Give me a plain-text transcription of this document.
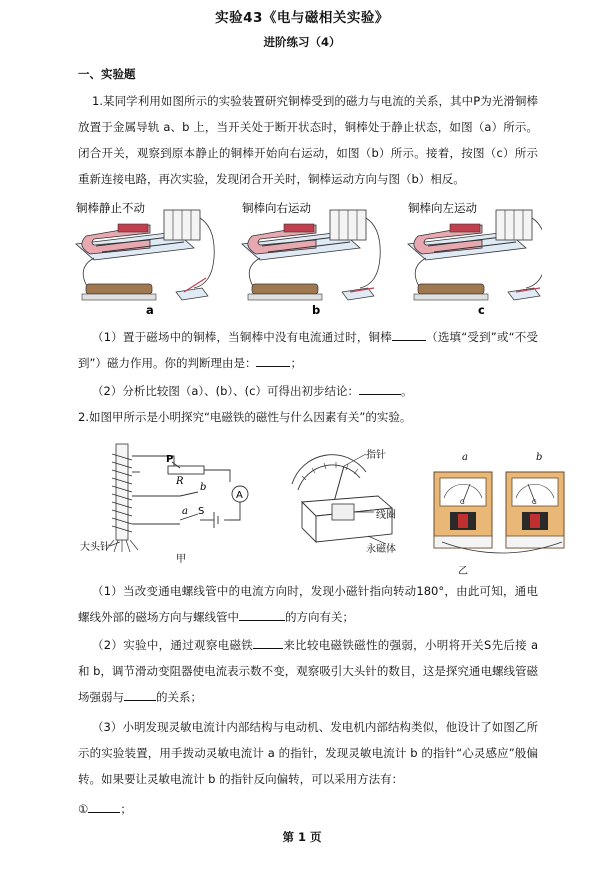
实验43《电与磁相关实验》
进阶练习（4）
一、实验题
1.某同学利用如图所示的实验装置研究铜棒受到的磁力与电流的关系，其中P为光滑铜棒放置于金属导轨 a、b 上，当开关处于断开状态时，铜棒处于静止状态，如图（a）所示。闭合开关，观察到原本静止的铜棒开始向右运动，如图（b）所示。接着，按图（c）所示重新连接电路，再次实验，发现闭合开关时，铜棒运动方向与图（b）相反。
铜棒静止不动
a
铜棒向右运动
b
铜棒向左运动
c
（1）置于磁场中的铜棒，当铜棒中没有电流通过时，铜棒	（选填“受到”或“不受到”）磁力作用。你的判断理由是：	；
（2）分析比较图（a）、(b）、(c）可得出初步结论：	。
2.如图甲所示是小明探究“电磁铁的磁性与什么因素有关”的实验。
大头针
P
R
b
a S
A
甲
指针
线圈
永磁体
G	G
a	b
乙
（1）当改变通电螺线管中的电流方向时，发现小磁针指向转动180°，由此可知，通电螺线外部的磁场方向与螺线管中	的方向有关；
（2）实验中，通过观察电磁铁	来比较电磁铁磁性的强弱，小明将开关S先后接 a 和 b，调节滑动变阻器使电流表示数不变，观察吸引大头针的数目，这是探究通电螺线管磁场强弱与	的关系；
（3）小明发现灵敏电流计内部结构与电动机、发电机内部结构类似，他设计了如图乙所示的实验装置，用手拨动灵敏电流计 a 的指针，发现灵敏电流计 b 的指针“心灵感应”般偏转。如果要让灵敏电流计 b 的指针反向偏转，可以采用方法有：
①	；
第 1 页
